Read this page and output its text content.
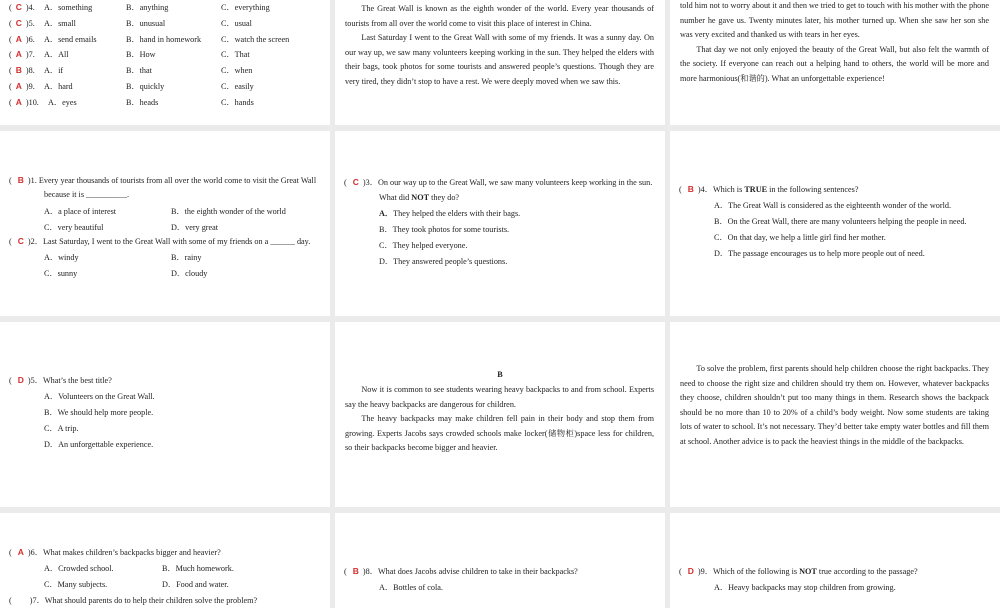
( C )4. A．something	B．anything	C．everything
( C )5. A．small	B．unusual	C．usual
( A )6. A．send emails	B．hand in homework C．watch the screen
( A )7. A．All	B．How	C．That
( B )8. A．if	B．that	C．when
( A )9. A．hard	B．quickly	C．easily
( A )10. A．eyes	B．heads	C．hands

The Great Wall is known as the eighth wonder of the world. Every year thousands of tourists from all over the world come to visit this place of interest in China.

Last Saturday I went to the Great Wall with some of my friends. It was a sunny day. On our way up, we saw many volunteers keeping working in the sun. They helped the elders with their bags, took photos for some tourists and answered people’s questions. Though they are very tired, they didn’t stop to have a rest. We were deeply moved when we saw this.

told him not to worry about it and then we tried to get to touch with his mother with the phone number he gave us. Twenty minutes later, his mother turned up. When she saw her son she was very excited and thanked us with tears in her eyes.

That day we not only enjoyed the beauty of the Great Wall, but also felt the warmth of the society. If everyone can reach out a helping hand to others, the world will be more and more harmonious(和谐的). What an unforgettable experience!

( B )1. Every year thousands of tourists from all over the world come to visit the Great Wall
because it is __________.
A．a place of interest	B．the eighth wonder of the world
C．very beautiful	D．very great
( C )2．Last Saturday, I went to the Great Wall with some of my friends on a ______ day.
A．windy	B．rainy
C．sunny	D．cloudy
( C )3．On our way up to the Great Wall, we saw many volunteers keep working in the sun.
What did NOT they do?
A．They helped the elders with their bags.
B．They took photos for some tourists.
C．They helped everyone.
D．They answered people’s questions.
( B )4．Which is TRUE in the following sentences?
A．The Great Wall is considered as the eighteenth wonder of the world.
B．On the Great Wall, there are many volunteers helping the people in need.
C．On that day, we help a little girl find her mother.
D．The passage encourages us to help more people out of need.
( D )5．What’s the best title?
A．Volunteers on the Great Wall.
B．We should help more people.
C．A trip.
D．An unforgettable experience.
B

Now it is common to see students wearing heavy backpacks to and from school. Experts say the heavy backpacks are dangerous for children.

The heavy backpacks may make children fell pain in their body and stop them from growing. Experts Jacobs says crowded schools make locker(储物柜)space less for children, so their backpacks become bigger and heavier.

To solve the problem, first parents should help children choose the right backpacks. They need to choose the right size and children should try them on. However, whatever backpacks they choose, children shouldn’t put too many things in them. Research shows the backpack should be no more than 10 to 20% of a child’s body weight. Now some students are taking lots of water to school. It’s not necessary. They’d better take empty water bottles and fill them at school. Another advice is to pack the heaviest things in the middle of the backpacks.

( A )6．What makes children’s backpacks bigger and heavier?
A．Crowded school.	B．Much homework.
C．Many subjects.	D．Food and water.
( )7．What should parents do to help their children solve the problem?
( B )8．What does Jacobs advise children to take in their backpacks?
A．Bottles of cola.
( D )9．Which of the following is NOT true according to the passage?
A．Heavy backpacks may stop children from growing.
